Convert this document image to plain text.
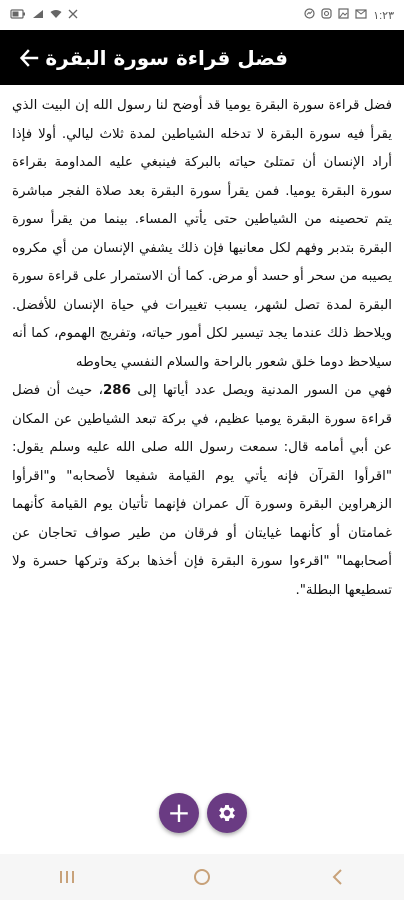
١:٢٣
فضل قراءة سورة البقرة

فضل قراءة سورة البقرة يوميا قد أوضح لنا رسول الله إن البيت الذي يقرأ فيه سورة البقرة لا تدخله الشياطين لمدة ثلاث ليالي. أولا فإذا أراد الإنسان أن تمتلئ حياته بالبركة فينبغي عليه المداومة بقراءة سورة البقرة يوميا. فمن يقرأ سورة البقرة بعد صلاة الفجر مباشرة يتم تحصينه من الشياطين حتى يأتي المساء. بينما من يقرأ سورة البقرة بتدبر وفهم لكل معانيها فإن ذلك يشفي الإنسان من أي مكروه يصيبه من سحر أو حسد أو مرض. كما أن الاستمرار على قراءة سورة البقرة لمدة تصل لشهر، يسبب تغييرات في حياة الإنسان للأفضل. ويلاحظ ذلك عندما يجد تيسير لكل أمور حياته، وتفريج الهموم، كما أنه سيلاحظ دوما خلق شعور بالراحة والسلام النفسي يحاوطه

فهي من السور المدنية ويصل عدد أياتها إلى 286، حيث أن فضل قراءة سورة البقرة يوميا عظيم، في بركة تبعد الشياطين عن المكان عن أبي أمامه قال: سمعت رسول الله صلى الله عليه وسلم يقول: "اقرأوا القرآن فإنه يأتي يوم القيامة شفيعا لأصحابه" و"اقرأوا الزهراوين البقرة وسورة آل عمران فإنهما تأتيان يوم القيامة كأنهما غمامتان أو كأنهما غيايتان أو فرقان من طير صواف تحاجان عن أصحابهما" "اقرءوا سورة البقرة فإن أخذها بركة وتركها حسرة ولا تسطيعها البطلة".

+
